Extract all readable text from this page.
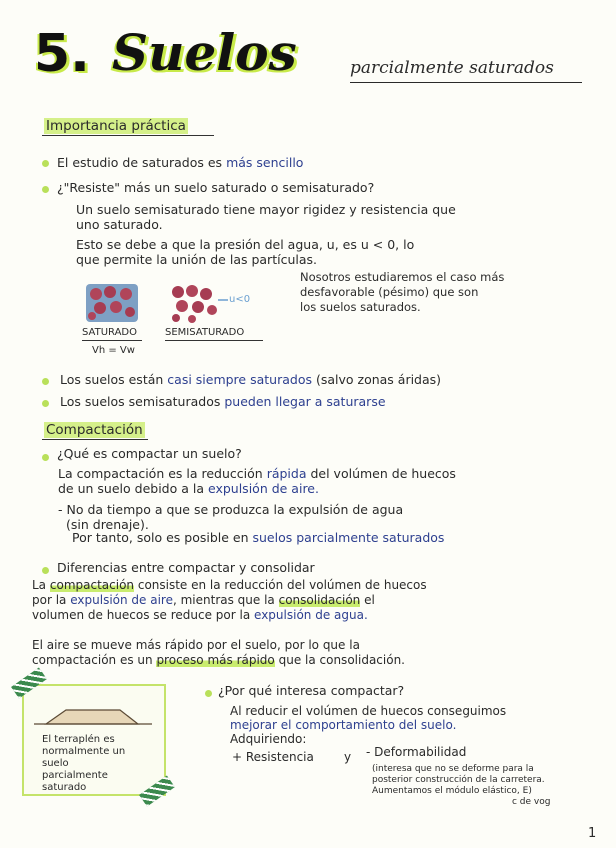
5. Suelos	parcialmente saturados
Importancia práctica
El estudio de saturados es más sencillo
¿"Resiste" más un suelo saturado o semisaturado?
Un suelo semisaturado tiene mayor rigidez y resistencia que
uno saturado.
Esto se debe a que la presión del agua, u, es u < 0, lo
que permite la unión de las partículas.
Nosotros estudiaremos el caso más
desfavorable (pésimo) que son
los suelos saturados.
u<0
SATURADO
Vh = Vw
SEMISATURADO
Los suelos están casi siempre saturados (salvo zonas áridas)
Los suelos semisaturados pueden llegar a saturarse
Compactación
¿Qué es compactar un suelo?
La compactación es la reducción rápida del volúmen de huecos
de un suelo debido a la expulsión de aire.
- No da tiempo a que se produzca la expulsión de agua
(sin drenaje).
Por tanto, solo es posible en suelos parcialmente saturados
Diferencias entre compactar y consolidar
La compactación consiste en la reducción del volúmen de huecos
por la expulsión de aire, mientras que la consolidación el
volumen de huecos se reduce por la expulsión de agua.
El aire se mueve más rápido por el suelo, por lo que la
compactación es un proceso más rápido que la consolidación.
El terraplén es
normalmente un
suelo
parcialmente
saturado
¿Por qué interesa compactar?
Al reducir el volúmen de huecos conseguimos
mejorar el comportamiento del suelo.
Adquiriendo:
+ Resistencia	y - Deformabilidad
(interesa que no se deforme para la
posterior construcción de la carretera.
Aumentamos el módulo elástico, E)
c de vog
1
